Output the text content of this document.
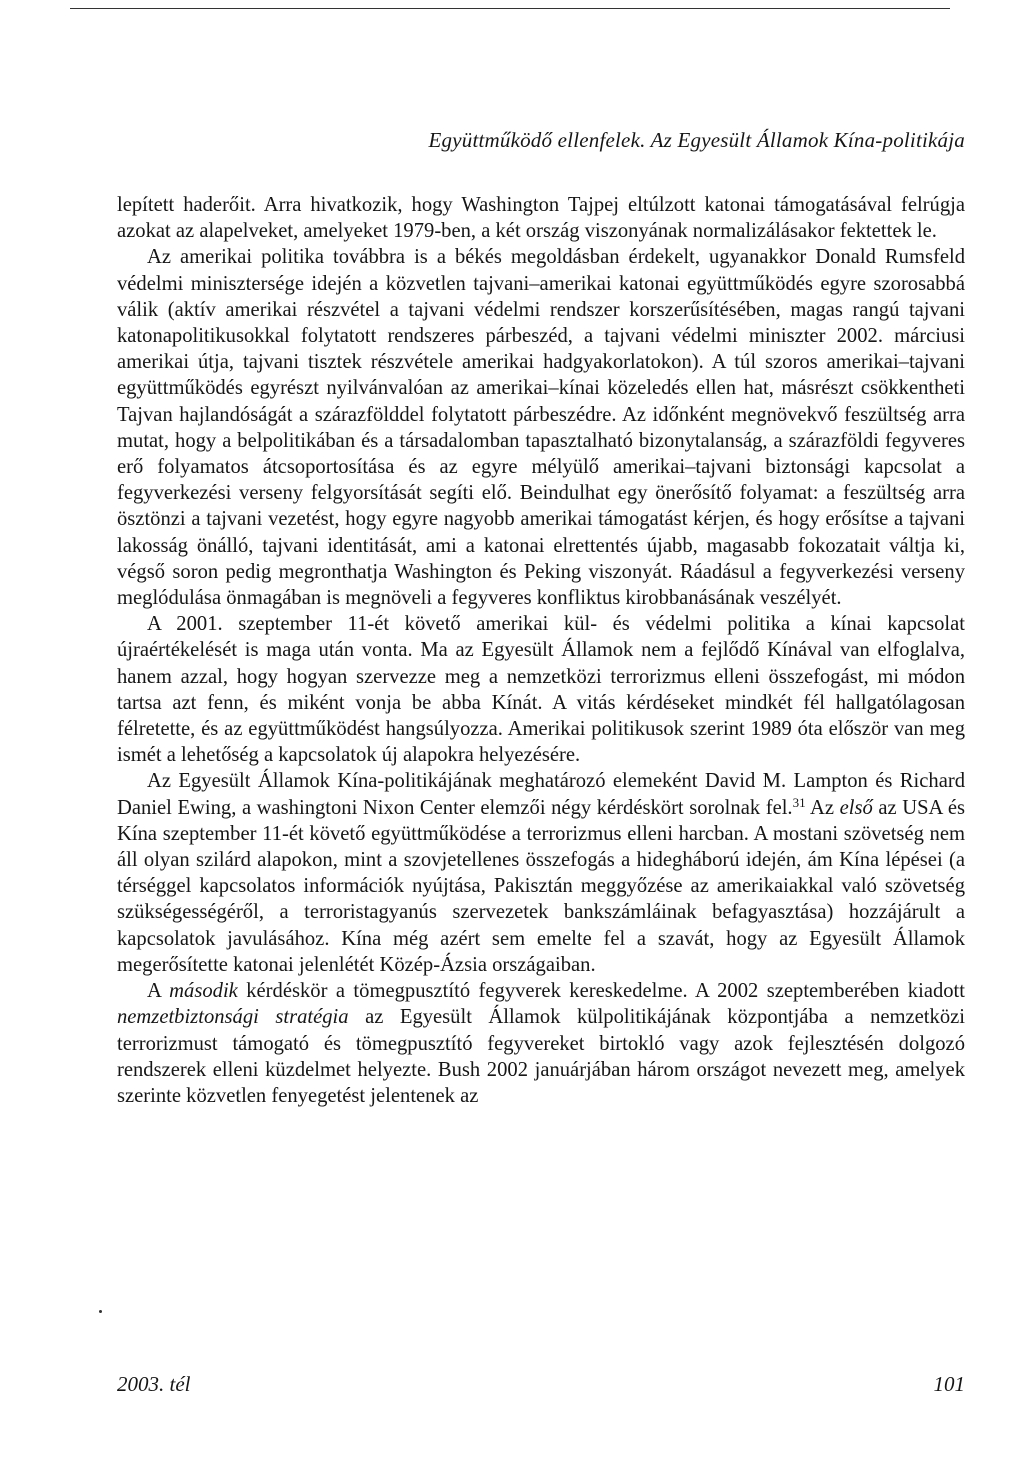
Együttműködő ellenfelek. Az Egyesült Államok Kína-politikája

lepített haderőit. Arra hivatkozik, hogy Washington Tajpej eltúlzott katonai támogatásával felrúgja azokat az alapelveket, amelyeket 1979-ben, a két ország viszonyának normalizálásakor fektettek le.

Az amerikai politika továbbra is a békés megoldásban érdekelt, ugyanakkor Donald Rumsfeld védelmi minisztersége idején a közvetlen tajvani–amerikai katonai együttműködés egyre szorosabbá válik (aktív amerikai részvétel a tajvani védelmi rendszer korszerűsítésében, magas rangú tajvani katonapolitikusokkal folytatott rendszeres párbeszéd, a tajvani védelmi miniszter 2002. márciusi amerikai útja, tajvani tisztek részvétele amerikai hadgyakorlatokon). A túl szoros amerikai–tajvani együttműködés egyrészt nyilvánvalóan az amerikai–kínai közeledés ellen hat, másrészt csökkentheti Tajvan hajlandóságát a szárazfölddel folytatott párbeszédre. Az időnként megnövekvő feszültség arra mutat, hogy a belpolitikában és a társadalomban tapasztalható bizonytalanság, a szárazföldi fegyveres erő folyamatos átcsoportosítása és az egyre mélyülő amerikai–tajvani biztonsági kapcsolat a fegyverkezési verseny felgyorsítását segíti elő. Beindulhat egy önerősítő folyamat: a feszültség arra ösztönzi a tajvani vezetést, hogy egyre nagyobb amerikai támogatást kérjen, és hogy erősítse a tajvani lakosság önálló, tajvani identitását, ami a katonai elrettentés újabb, magasabb fokozatait váltja ki, végső soron pedig megronthatja Washington és Peking viszonyát. Ráadásul a fegyverkezési verseny meglódulása önmagában is megnöveli a fegyveres konfliktus kirobbanásának veszélyét.

A 2001. szeptember 11-ét követő amerikai kül- és védelmi politika a kínai kapcsolat újraértékelését is maga után vonta. Ma az Egyesült Államok nem a fejlődő Kínával van elfoglalva, hanem azzal, hogy hogyan szervezze meg a nemzetközi terrorizmus elleni összefogást, mi módon tartsa azt fenn, és miként vonja be abba Kínát. A vitás kérdéseket mindkét fél hallgatólagosan félretette, és az együttműködést hangsúlyozza. Amerikai politikusok szerint 1989 óta először van meg ismét a lehetőség a kapcsolatok új alapokra helyezésére.

Az Egyesült Államok Kína-politikájának meghatározó elemeként David M. Lampton és Richard Daniel Ewing, a washingtoni Nixon Center elemzői négy kérdéskört sorolnak fel.$^{31}$ Az első az USA és Kína szeptember 11-ét követő együttműködése a terrorizmus elleni harcban. A mostani szövetség nem áll olyan szilárd alapokon, mint a szovjetellenes összefogás a hidegháború idején, ám Kína lépései (a térséggel kapcsolatos információk nyújtása, Pakisztán meggyőzése az amerikaiakkal való szövetség szükségességéről, a terroristagyanús szervezetek bankszámláinak befagyasztása) hozzájárult a kapcsolatok javulásához. Kína még azért sem emelte fel a szavát, hogy az Egyesült Államok megerősítette katonai jelenlétét Közép-Ázsia országaiban.

A második kérdéskör a tömegpusztító fegyverek kereskedelme. A 2002 szeptemberében kiadott nemzetbiztonsági stratégia az Egyesült Államok külpolitikájának központjába a nemzetközi terrorizmust támogató és tömegpusztító fegyvereket birtokló vagy azok fejlesztésén dolgozó rendszerek elleni küzdelmet helyezte. Bush 2002 januárjában három országot nevezett meg, amelyek szerinte közvetlen fenyegetést jelentenek az

2003. tél	101
